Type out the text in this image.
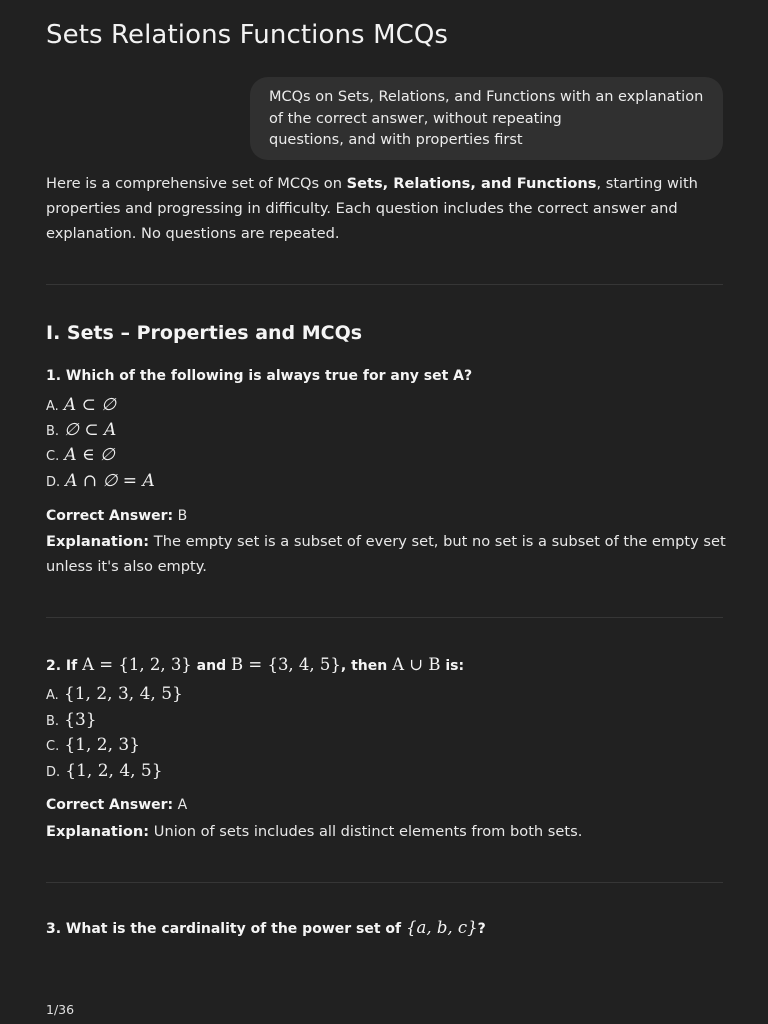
Sets Relations Functions MCQs
MCQs on Sets, Relations, and Functions with an explanation
of the correct answer, without repeating
questions, and with properties first
Here is a comprehensive set of MCQs on Sets, Relations, and Functions, starting with
properties and progressing in difficulty. Each question includes the correct answer and
explanation. No questions are repeated.
I. Sets – Properties and MCQs
1. Which of the following is always true for any set A?
A. A ⊂ ∅
B. ∅ ⊂ A
C. A ∈ ∅
D. A ∩ ∅ = A
Correct Answer: B
Explanation: The empty set is a subset of every set, but no set is a subset of the empty set
unless it's also empty.
2. If A = {1, 2, 3} and B = {3, 4, 5}, then A ∪ B is:
A. {1, 2, 3, 4, 5}
B. {3}
C. {1, 2, 3}
D. {1, 2, 4, 5}
Correct Answer: A
Explanation: Union of sets includes all distinct elements from both sets.
3. What is the cardinality of the power set of {a, b, c}?
1/36
